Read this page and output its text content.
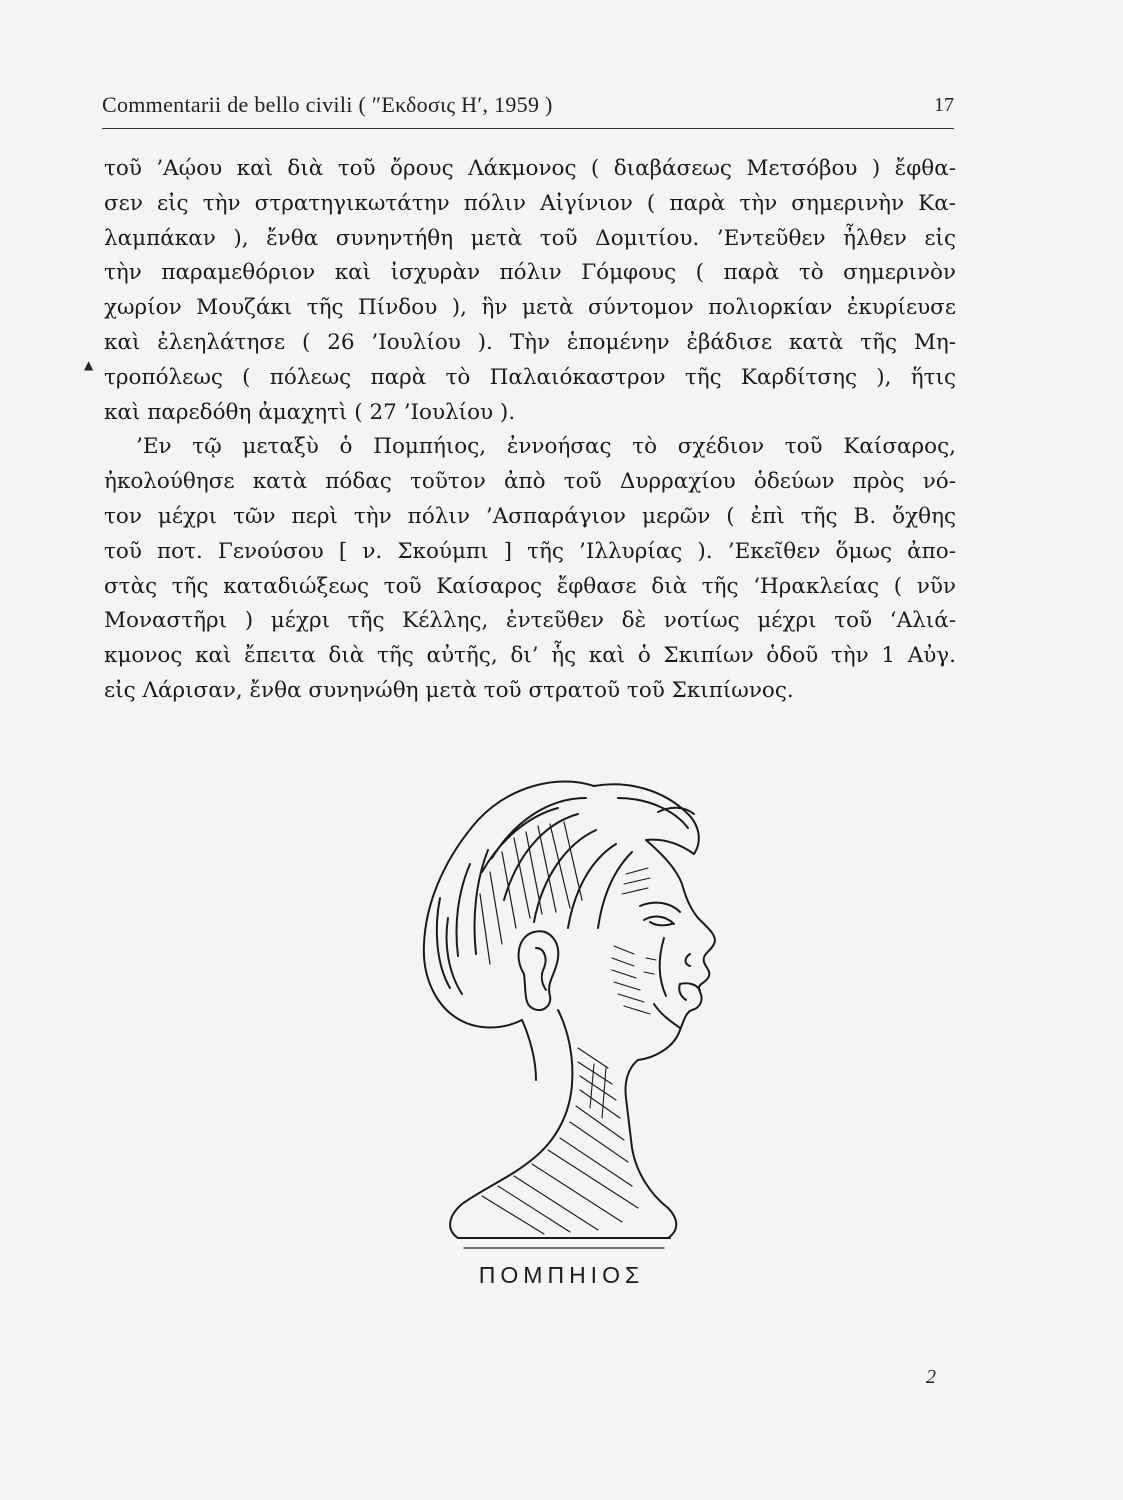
Commentarii de bello civili ( ″Εκδοσις Η′, 1959 )	17
▲
τοῦ ’Αῴου καὶ διὰ τοῦ ὄρους Λάκμονος ( διαβάσεως Μετσόβου ) ἔφθα-
σεν εἰς τὴν στρατηγικωτάτην πόλιν Αἰγίνιον ( παρὰ τὴν σημερινὴν Κα-
λαμπάκαν ), ἔνθα συνηντήθη μετὰ τοῦ Δομιτίου. ’Εντεῦθεν ἦλθεν εἰς
τὴν παραμεθόριον καὶ ἰσχυρὰν πόλιν Γόμφους ( παρὰ τὸ σημερινὸν
χωρίον Μουζάκι τῆς Πίνδου ), ἣν μετὰ σύντομον πολιορκίαν ἐκυρίευσε
καὶ ἐλεηλάτησε ( 26 ’Ιουλίου ). Τὴν ἑπομένην ἐβάδισε κατὰ τῆς Μη-
τροπόλεως ( πόλεως παρὰ τὸ Παλαιόκαστρον τῆς Καρδίτσης ), ἥτις
καὶ παρεδόθη ἀμαχητὶ ( 27 ’Ιουλίου ).
’Εν τῷ μεταξὺ ὁ Πομπήιος, ἐννοήσας τὸ σχέδιον τοῦ Καίσαρος,
ἠκολούθησε κατὰ πόδας τοῦτον ἀπὸ τοῦ Δυρραχίου ὁδεύων πρὸς νό-
τον μέχρι τῶν περὶ τὴν πόλιν ’Ασπαράγιον μερῶν ( ἐπὶ τῆς Β. ὄχθης
τοῦ ποτ. Γενούσου [ ν. Σκούμπι ] τῆς ’Ιλλυρίας ). ’Εκεῖθεν ὅμως ἀπο-
στὰς τῆς καταδιώξεως τοῦ Καίσαρος ἔφθασε διὰ τῆς ‘Ηρακλείας ( νῦν
Μοναστῆρι ) μέχρι τῆς Κέλλης, ἐντεῦθεν δὲ νοτίως μέχρι τοῦ ‘Αλιά-
κμονος καὶ ἔπειτα διὰ τῆς αὐτῆς, δι’ ἧς καὶ ὁ Σκιπίων ὁδοῦ τὴν 1 Αὐγ.
εἰς Λάρισαν, ἔνθα συνηνώθη μετὰ τοῦ στρατοῦ τοῦ Σκιπίωνος.
ΠΟΜΠΗΙΟΣ
2
